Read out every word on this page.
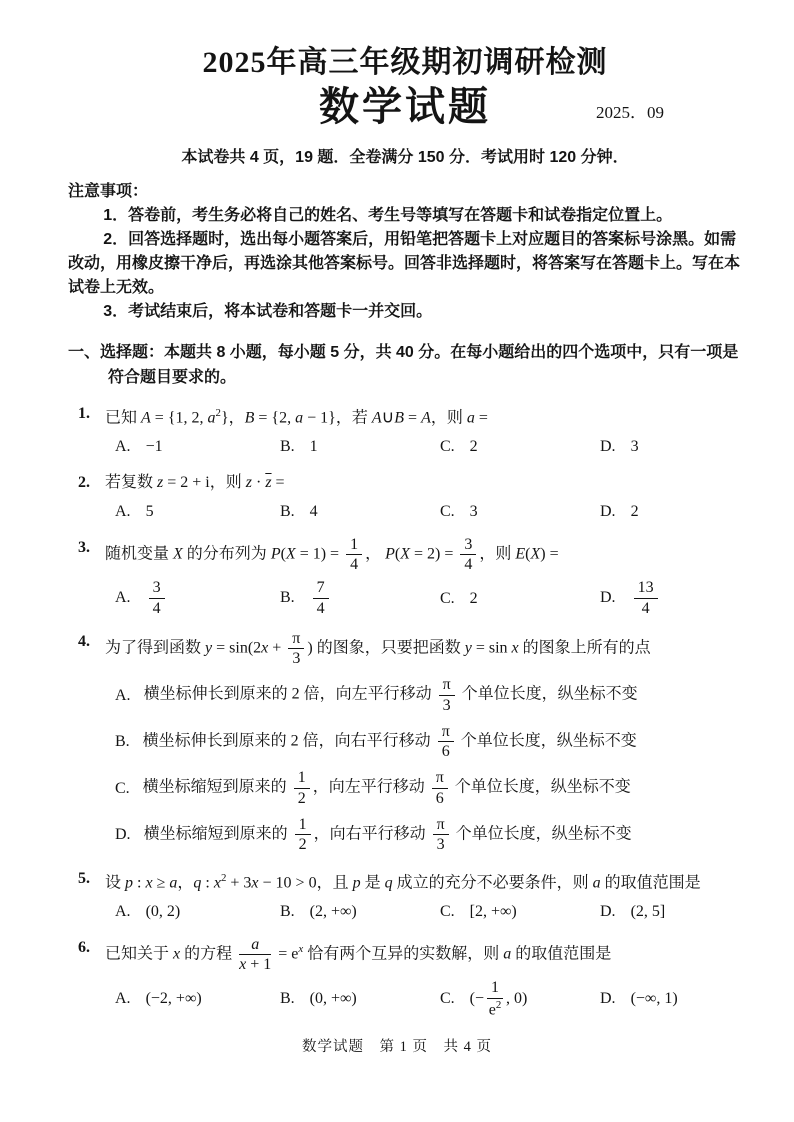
2025年高三年级期初调研检测
数学试题	2025．09

本试卷共 4 页，19 题．全卷满分 150 分．考试用时 120 分钟．

注意事项：

1．答卷前，考生务必将自己的姓名、考生号等填写在答题卡和试卷指定位置上。

2．回答选择题时，选出每小题答案后，用铅笔把答题卡上对应题目的答案标号涂黑。如需改动，用橡皮擦干净后，再选涂其他答案标号。回答非选择题时，将答案写在答题卡上。写在本试卷上无效。

3．考试结束后，将本试卷和答题卡一并交回。

一、选择题：本题共 8 小题，每小题 5 分，共 40 分。在每小题给出的四个选项中，只有一项是符合题目要求的。

1. 已知 A = {1, 2, $a^2$}，B = {2, a − 1}，若 A∪B = A，则 a =
A. −1	B. 1	C. 2	D. 3
2. 若复数 z = 2 + i，则 $z \cdot \overline{z}$ =
A. 5	B. 4	C. 3	D. 2
3. 随机变量 X 的分布列为 $P(X = 1) = \frac{1}{4}$ ， $P(X = 2) = \frac{3}{4}$ ，则 E(X) =
A. $\frac{3}{4}$	B. $\frac{7}{4}$	C. 2	D. $\frac{13}{4}$
4. 为了得到函数 $y = \sin(2x + \frac{\pi}{3}$ ) 的图象，只要把函数 y = sin x 的图象上所有的点
A. 横坐标伸长到原来的 2 倍，向左平行移动 $\frac{\pi}{3}$ 个单位长度，纵坐标不变
B. 横坐标伸长到原来的 2 倍，向右平行移动 $\frac{\pi}{6}$ 个单位长度，纵坐标不变
C. 横坐标缩短到原来的 $\frac{1}{2}$ ，向左平行移动 $\frac{\pi}{6}$ 个单位长度，纵坐标不变
D. 横坐标缩短到原来的 $\frac{1}{2}$ ，向右平行移动 $\frac{\pi}{3}$ 个单位长度，纵坐标不变
5. 设 p : x ≥ a，q : $x^2 + 3x - 10 > 0$，且 p 是 q 成立的充分不必要条件，则 a 的取值范围是
A. (0, 2)	B. (2, +∞)	C. [2, +∞)	D. (2, 5]
6. 已知关于 x 的方程 $\frac{a}{x + 1} = e^x$ 恰有两个互异的实数解，则 a 的取值范围是
A. (−2, +∞)	B. (0, +∞)	C. (− $\frac{1}{e^2}$ , 0)	D. (−∞, 1)
数学试题　第 1 页　共 4 页
